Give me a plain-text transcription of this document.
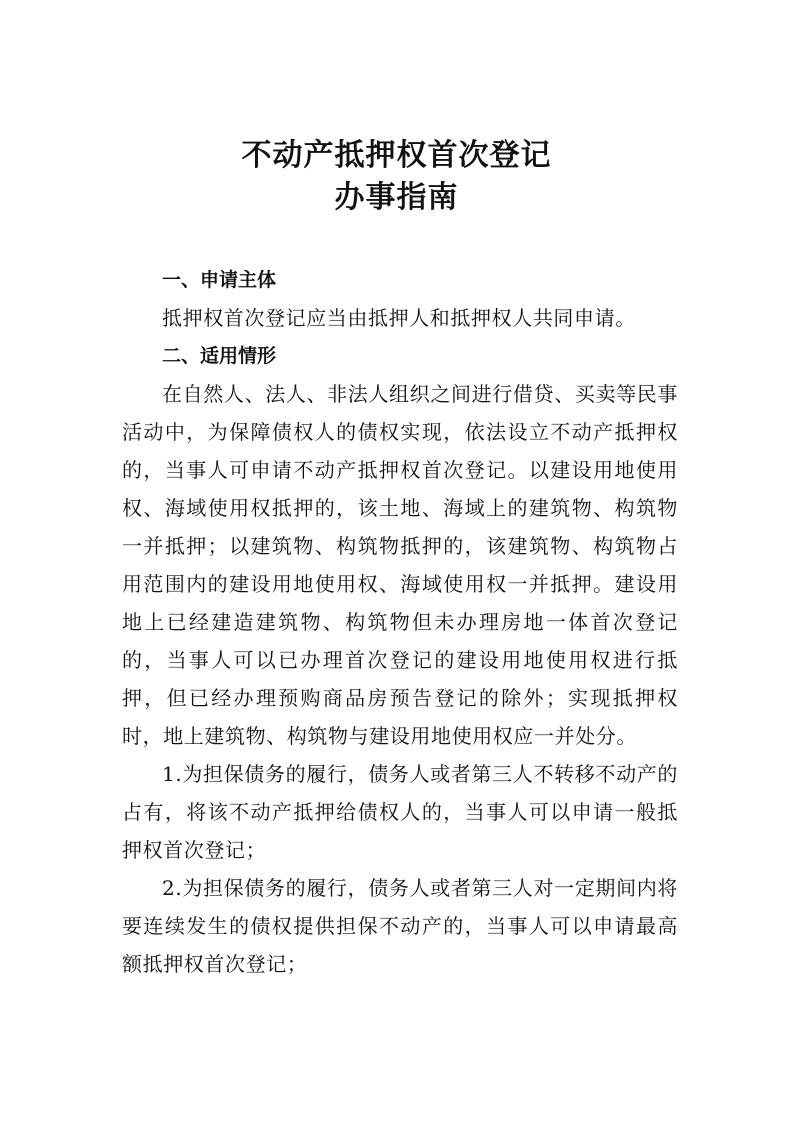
不动产抵押权首次登记
办事指南
一、申请主体

抵押权首次登记应当由抵押人和抵押权人共同申请。

二、适用情形

在自然人、法人、非法人组织之间进行借贷、买卖等民事活动中，为保障债权人的债权实现，依法设立不动产抵押权的，当事人可申请不动产抵押权首次登记。以建设用地使用权、海域使用权抵押的，该土地、海域上的建筑物、构筑物一并抵押；以建筑物、构筑物抵押的，该建筑物、构筑物占用范围内的建设用地使用权、海域使用权一并抵押。建设用地上已经建造建筑物、构筑物但未办理房地一体首次登记的，当事人可以已办理首次登记的建设用地使用权进行抵押，但已经办理预购商品房预告登记的除外；实现抵押权时，地上建筑物、构筑物与建设用地使用权应一并处分。

1.为担保债务的履行，债务人或者第三人不转移不动产的占有，将该不动产抵押给债权人的，当事人可以申请一般抵押权首次登记；

2.为担保债务的履行，债务人或者第三人对一定期间内将要连续发生的债权提供担保不动产的，当事人可以申请最高额抵押权首次登记；
